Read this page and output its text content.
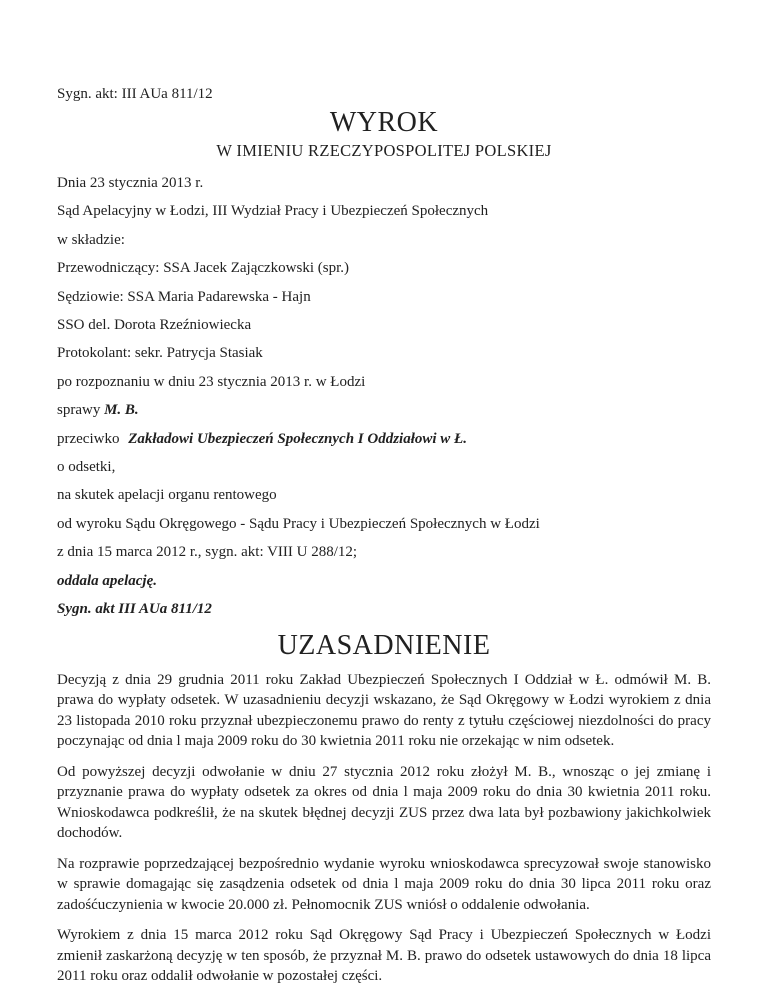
Sygn. akt: III AUa 811/12

WYROK
W IMIENIU RZECZYPOSPOLITEJ POLSKIEJ

Dnia 23 stycznia 2013 r.

Sąd Apelacyjny w Łodzi, III Wydział Pracy i Ubezpieczeń Społecznych

w składzie:

Przewodniczący: SSA Jacek Zajączkowski (spr.)

Sędziowie: SSA Maria Padarewska - Hajn

SSO del. Dorota Rzeźniowiecka

Protokolant: sekr. Patrycja Stasiak

po rozpoznaniu w dniu 23 stycznia 2013 r. w Łodzi

sprawy M. B.

przeciwko Zakładowi Ubezpieczeń Społecznych I Oddziałowi w Ł.

o odsetki,

na skutek apelacji organu rentowego

od wyroku Sądu Okręgowego - Sądu Pracy i Ubezpieczeń Społecznych w Łodzi

z dnia 15 marca 2012 r., sygn. akt: VIII U 288/12;

oddala apelację.

Sygn. akt III AUa 811/12

UZASADNIENIE

Decyzją z dnia 29 grudnia 2011 roku Zakład Ubezpieczeń Społecznych I Oddział w Ł. odmówił M. B. prawa do wypłaty odsetek. W uzasadnieniu decyzji wskazano, że Sąd Okręgowy w Łodzi wyrokiem z dnia 23 listopada 2010 roku przyznał ubezpieczonemu prawo do renty z tytułu częściowej niezdolności do pracy poczynając od dnia l maja 2009 roku do 30 kwietnia 2011 roku nie orzekając w nim odsetek.

Od powyższej decyzji odwołanie w dniu 27 stycznia 2012 roku złożył M. B., wnosząc o jej zmianę i przyznanie prawa do wypłaty odsetek za okres od dnia l maja 2009 roku do dnia 30 kwietnia 2011 roku. Wnioskodawca podkreślił, że na skutek błędnej decyzji ZUS przez dwa lata był pozbawiony jakichkolwiek dochodów.

Na rozprawie poprzedzającej bezpośrednio wydanie wyroku wnioskodawca sprecyzował swoje stanowisko w sprawie domagając się zasądzenia odsetek od dnia l maja 2009 roku do dnia 30 lipca 2011 roku oraz zadośćuczynienia w kwocie 20.000 zł. Pełnomocnik ZUS wniósł o oddalenie odwołania.

Wyrokiem z dnia 15 marca 2012 roku Sąd Okręgowy Sąd Pracy i Ubezpieczeń Społecznych w Łodzi zmienił zaskarżoną decyzję w ten sposób, że przyznał M. B. prawo do odsetek ustawowych do dnia 18 lipca 2011 roku oraz oddalił odwołanie w pozostałej części.
